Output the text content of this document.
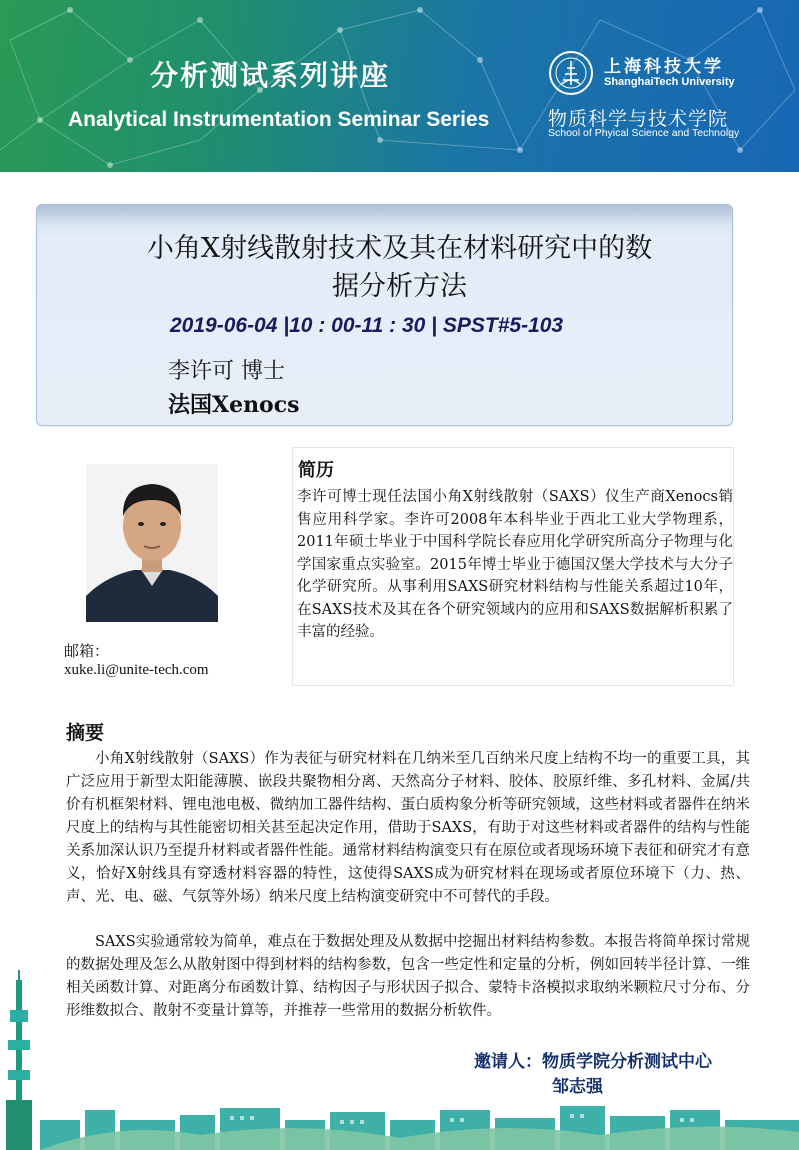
分析测试系列讲座
Analytical Instrumentation Seminar Series
上海科技大学
ShanghaiTech University
物质科学与技术学院
School of Phyical Science and Technolgy
小角X射线散射技术及其在材料研究中的数
据分析方法
2019-06-04 |10 : 00-11 : 30 | SPST#5-103
李许可 博士
法国Xenocs
邮箱：
xuke.li@unite-tech.com
简历
李许可博士现任法国小角X射线散射（SAXS）仪生产商Xenocs销售应用科学家。李许可2008年本科毕业于西北工业大学物理系，2011年硕士毕业于中国科学院长春应用化学研究所高分子物理与化学国家重点实验室。2015年博士毕业于德国汉堡大学技术与大分子化学研究所。从事利用SAXS研究材料结构与性能关系超过10年，在SAXS技术及其在各个研究领域内的应用和SAXS数据解析积累了丰富的经验。
摘要
小角X射线散射（SAXS）作为表征与研究材料在几纳米至几百纳米尺度上结构不均一的重要工具，其广泛应用于新型太阳能薄膜、嵌段共聚物相分离、天然高分子材料、胶体、胶原纤维、多孔材料、金属/共价有机框架材料、锂电池电极、微纳加工器件结构、蛋白质构象分析等研究领域，这些材料或者器件在纳米尺度上的结构与其性能密切相关甚至起决定作用，借助于SAXS，有助于对这些材料或者器件的结构与性能关系加深认识乃至提升材料或者器件性能。通常材料结构演变只有在原位或者现场环境下表征和研究才有意义，恰好X射线具有穿透材料容器的特性，这使得SAXS成为研究材料在现场或者原位环境下（力、热、声、光、电、磁、气氛等外场）纳米尺度上结构演变研究中不可替代的手段。
SAXS实验通常较为简单，难点在于数据处理及从数据中挖掘出材料结构参数。本报告将简单探讨常规的数据处理及怎么从散射图中得到材料的结构参数，包含一些定性和定量的分析，例如回转半径计算、一维相关函数计算、对距离分布函数计算、结构因子与形状因子拟合、蒙特卡洛模拟求取纳米颗粒尺寸分布、分形维数拟合、散射不变量计算等，并推荐一些常用的数据分析软件。
邀请人：物质学院分析测试中心
邹志强
